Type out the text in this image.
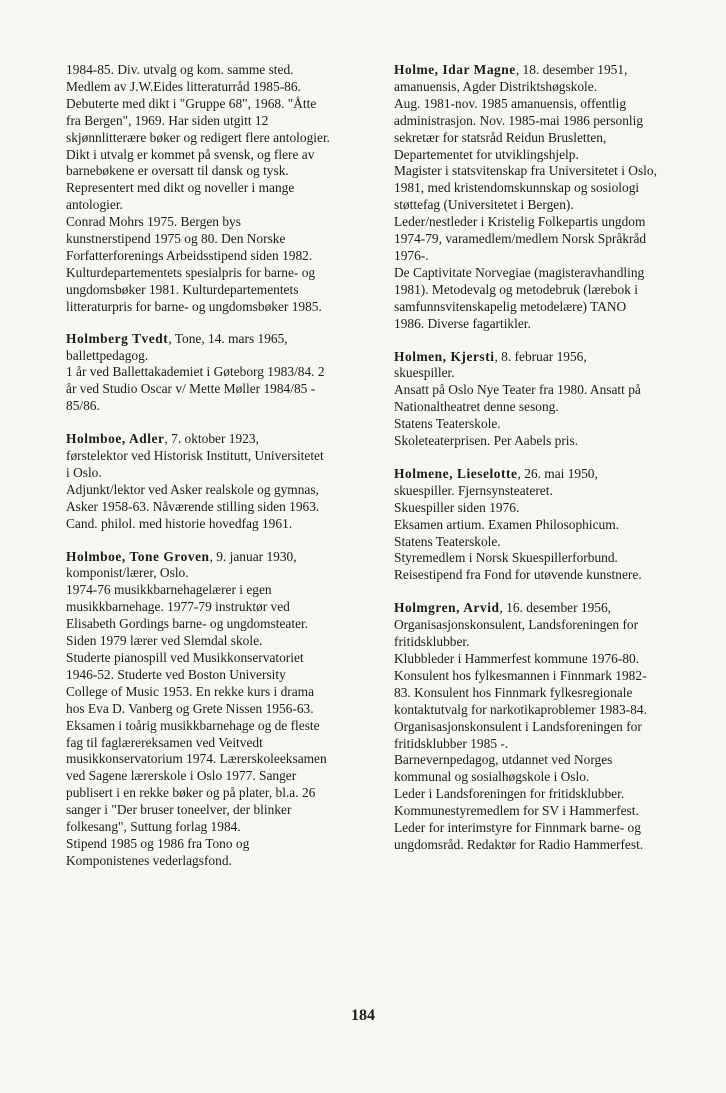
1984-85. Div. utvalg og kom. samme sted.
Medlem av J.W.Eides litteraturråd 1985-86.
Debuterte med dikt i "Gruppe 68", 1968. "Åtte
fra Bergen", 1969. Har siden utgitt 12
skjønnlitterære bøker og redigert flere antologier.
Dikt i utvalg er kommet på svensk, og flere av
barnebøkene er oversatt til dansk og tysk.
Representert med dikt og noveller i mange
antologier.
Conrad Mohrs 1975. Bergen bys
kunstnerstipend 1975 og 80. Den Norske
Forfatterforenings Arbeidsstipend siden 1982.
Kulturdepartementets spesialpris for barne- og
ungdomsbøker 1981. Kulturdepartementets
litteraturpris for barne- og ungdomsbøker 1985.
Holmberg Tvedt, Tone, 14. mars 1965,
ballettpedagog.
1 år ved Ballettakademiet i Gøteborg 1983/84. 2
år ved Studio Oscar v/ Mette Møller 1984/85 -
85/86.
Holmboe, Adler, 7. oktober 1923,
førstelektor ved Historisk Institutt, Universitetet
i Oslo.
Adjunkt/lektor ved Asker realskole og gymnas,
Asker 1958-63. Nåværende stilling siden 1963.
Cand. philol. med historie hovedfag 1961.
Holmboe, Tone Groven, 9. januar 1930,
komponist/lærer, Oslo.
1974-76 musikkbarnehagelærer i egen
musikkbarnehage. 1977-79 instruktør ved
Elisabeth Gordings barne- og ungdomsteater.
Siden 1979 lærer ved Slemdal skole.
Studerte pianospill ved Musikkonservatoriet
1946-52. Studerte ved Boston University
College of Music 1953. En rekke kurs i drama
hos Eva D. Vanberg og Grete Nissen 1956-63.
Eksamen i toårig musikkbarnehage og de fleste
fag til faglærereksamen ved Veitvedt
musikkonservatorium 1974. Lærerskoleeksamen
ved Sagene lærerskole i Oslo 1977. Sanger
publisert i en rekke bøker og på plater, bl.a. 26
sanger i "Der bruser toneelver, der blinker
folkesang", Suttung forlag 1984.
Stipend 1985 og 1986 fra Tono og
Komponistenes vederlagsfond.
Holme, Idar Magne, 18. desember 1951,
amanuensis, Agder Distriktshøgskole.
Aug. 1981-nov. 1985 amanuensis, offentlig
administrasjon. Nov. 1985-mai 1986 personlig
sekretær for statsråd Reidun Brusletten,
Departementet for utviklingshjelp.
Magister i statsvitenskap fra Universitetet i Oslo,
1981, med kristendomskunnskap og sosiologi
støttefag (Universitetet i Bergen).
Leder/nestleder i Kristelig Folkepartis ungdom
1974-79, varamedlem/medlem Norsk Språkråd
1976-.
De Captivitate Norvegiae (magisteravhandling
1981). Metodevalg og metodebruk (lærebok i
samfunnsvitenskapelig metodelære) TANO
1986. Diverse fagartikler.
Holmen, Kjersti, 8. februar 1956,
skuespiller.
Ansatt på Oslo Nye Teater fra 1980. Ansatt på
Nationaltheatret denne sesong.
Statens Teaterskole.
Skoleteaterprisen. Per Aabels pris.
Holmene, Lieselotte, 26. mai 1950,
skuespiller. Fjernsynsteateret.
Skuespiller siden 1976.
Eksamen artium. Examen Philosophicum.
Statens Teaterskole.
Styremedlem i Norsk Skuespillerforbund.
Reisestipend fra Fond for utøvende kunstnere.
Holmgren, Arvid, 16. desember 1956,
Organisasjonskonsulent, Landsforeningen for
fritidsklubber.
Klubbleder i Hammerfest kommune 1976-80.
Konsulent hos fylkesmannen i Finnmark 1982-
83. Konsulent hos Finnmark fylkesregionale
kontaktutvalg for narkotikaproblemer 1983-84.
Organisasjonskonsulent i Landsforeningen for
fritidsklubber 1985 -.
Barnevernpedagog, utdannet ved Norges
kommunal og sosialhøgskole i Oslo.
Leder i Landsforeningen for fritidsklubber.
Kommunestyremedlem for SV i Hammerfest.
Leder for interimstyre for Finnmark barne- og
ungdomsråd. Redaktør for Radio Hammerfest.
184
